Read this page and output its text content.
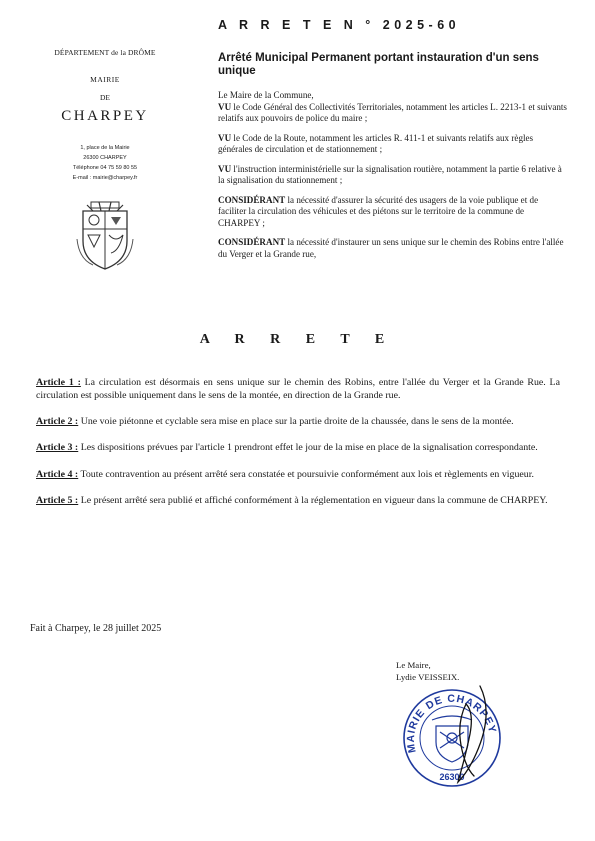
DÉPARTEMENT de la DRÔME
MAIRIE
DE
CHARPEY
1, place de la Mairie
26300 CHARPEY
Téléphone 04 75 59 80 55
E-mail : mairie@charpey.fr
A R R E T E N ° 2025-60
Arrêté Municipal Permanent portant instauration d'un sens unique

Le Maire de la Commune,

VU le Code Général des Collectivités Territoriales, notamment les articles L. 2213-1 et suivants relatifs aux pouvoirs de police du maire ;

VU le Code de la Route, notamment les articles R. 411-1 et suivants relatifs aux règles générales de circulation et de stationnement ;

VU l'instruction interministérielle sur la signalisation routière, notamment la partie 6 relative à la signalisation du stationnement ;

CONSIDÉRANT la nécessité d'assurer la sécurité des usagers de la voie publique et de faciliter la circulation des véhicules et des piétons sur le territoire de la commune de CHARPEY ;

CONSIDÉRANT la nécessité d'instaurer un sens unique sur le chemin des Robins entre l'allée du Verger et la Grande rue,

A R R E T E

Article 1 : La circulation est désormais en sens unique sur le chemin des Robins, entre l'allée du Verger et la Grande Rue. La circulation est possible uniquement dans le sens de la montée, en direction de la Grande rue.

Article 2 : Une voie piétonne et cyclable sera mise en place sur la partie droite de la chaussée, dans le sens de la montée.

Article 3 : Les dispositions prévues par l'article 1 prendront effet le jour de la mise en place de la signalisation correspondante.

Article 4 : Toute contravention au présent arrêté sera constatée et poursuivie conformément aux lois et règlements en vigueur.

Article 5 : Le présent arrêté sera publié et affiché conformément à la réglementation en vigueur dans la commune de CHARPEY.

Fait à Charpey, le 28 juillet 2025
Le Maire,
Lydie VEISSEIX.
MAIRIE DE CHARPEY
26300
